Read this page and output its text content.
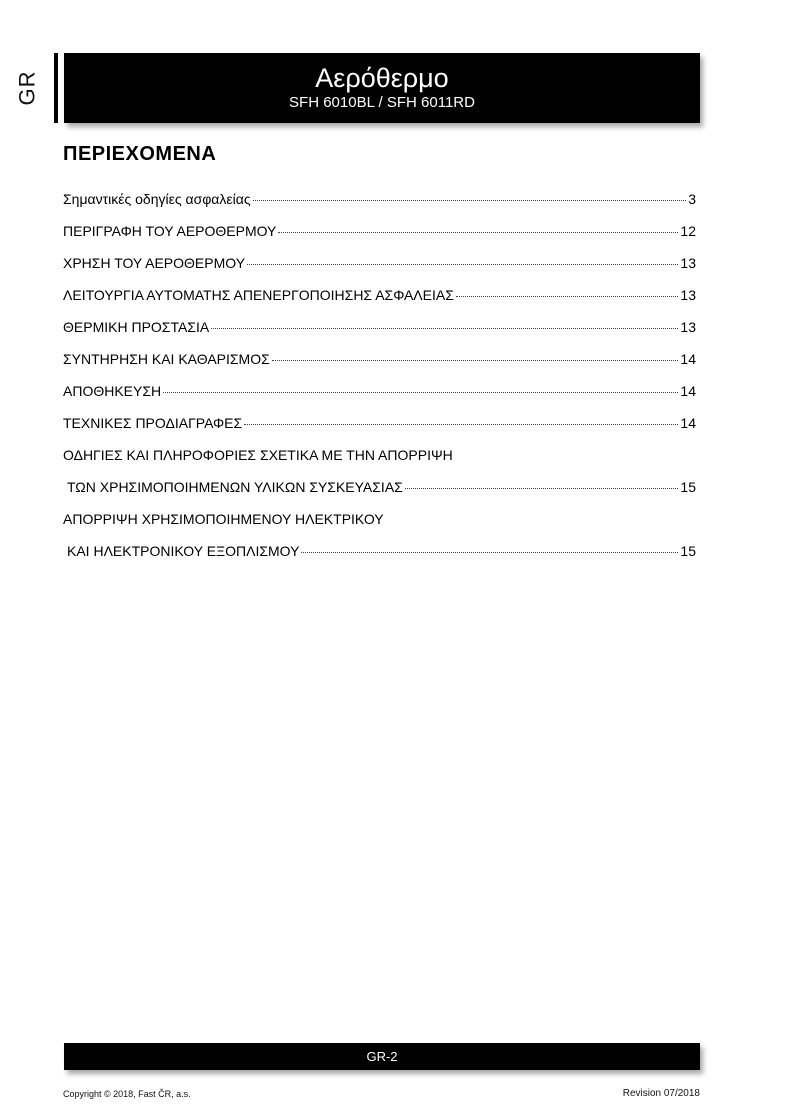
GR	Αερόθερμο
SFH 6010BL / SFH 6011RD
ΠΕΡΙΕΧΟΜΕΝΑ
Σημαντικές οδηγίες ασφαλείας	3
ΠΕΡΙΓΡΑΦΗ ΤΟΥ ΑΕΡΟΘΕΡΜΟΥ	12
ΧΡΗΣΗ ΤΟΥ ΑΕΡΟΘΕΡΜΟΥ	13
ΛΕΙΤΟΥΡΓΙΑ ΑΥΤΟΜΑΤΗΣ ΑΠΕΝΕΡΓΟΠΟΙΗΣΗΣ ΑΣΦΑΛΕΙΑΣ	13
ΘΕΡΜΙΚΗ ΠΡΟΣΤΑΣΙΑ	13
ΣΥΝΤΗΡΗΣΗ ΚΑΙ ΚΑΘΑΡΙΣΜΟΣ	14
ΑΠΟΘΗΚΕΥΣΗ	14
ΤΕΧΝΙΚΕΣ ΠΡΟΔΙΑΓΡΑΦΕΣ	14
ΟΔΗΓΙΕΣ ΚΑΙ ΠΛΗΡΟΦΟΡΙΕΣ ΣΧΕΤΙΚΑ ΜΕ ΤΗΝ ΑΠΟΡΡΙΨΗ
ΤΩΝ ΧΡΗΣΙΜΟΠΟΙΗΜΕΝΩΝ ΥΛΙΚΩΝ ΣΥΣΚΕΥΑΣΙΑΣ	15
ΑΠΟΡΡΙΨΗ ΧΡΗΣΙΜΟΠΟΙΗΜΕΝΟΥ ΗΛΕΚΤΡΙΚΟΥ
ΚΑΙ ΗΛΕΚΤΡΟΝΙΚΟΥ ΕΞΟΠΛΙΣΜΟΥ	15
GR-2
Copyright © 2018, Fast ČR, a.s.	Revision 07/2018
